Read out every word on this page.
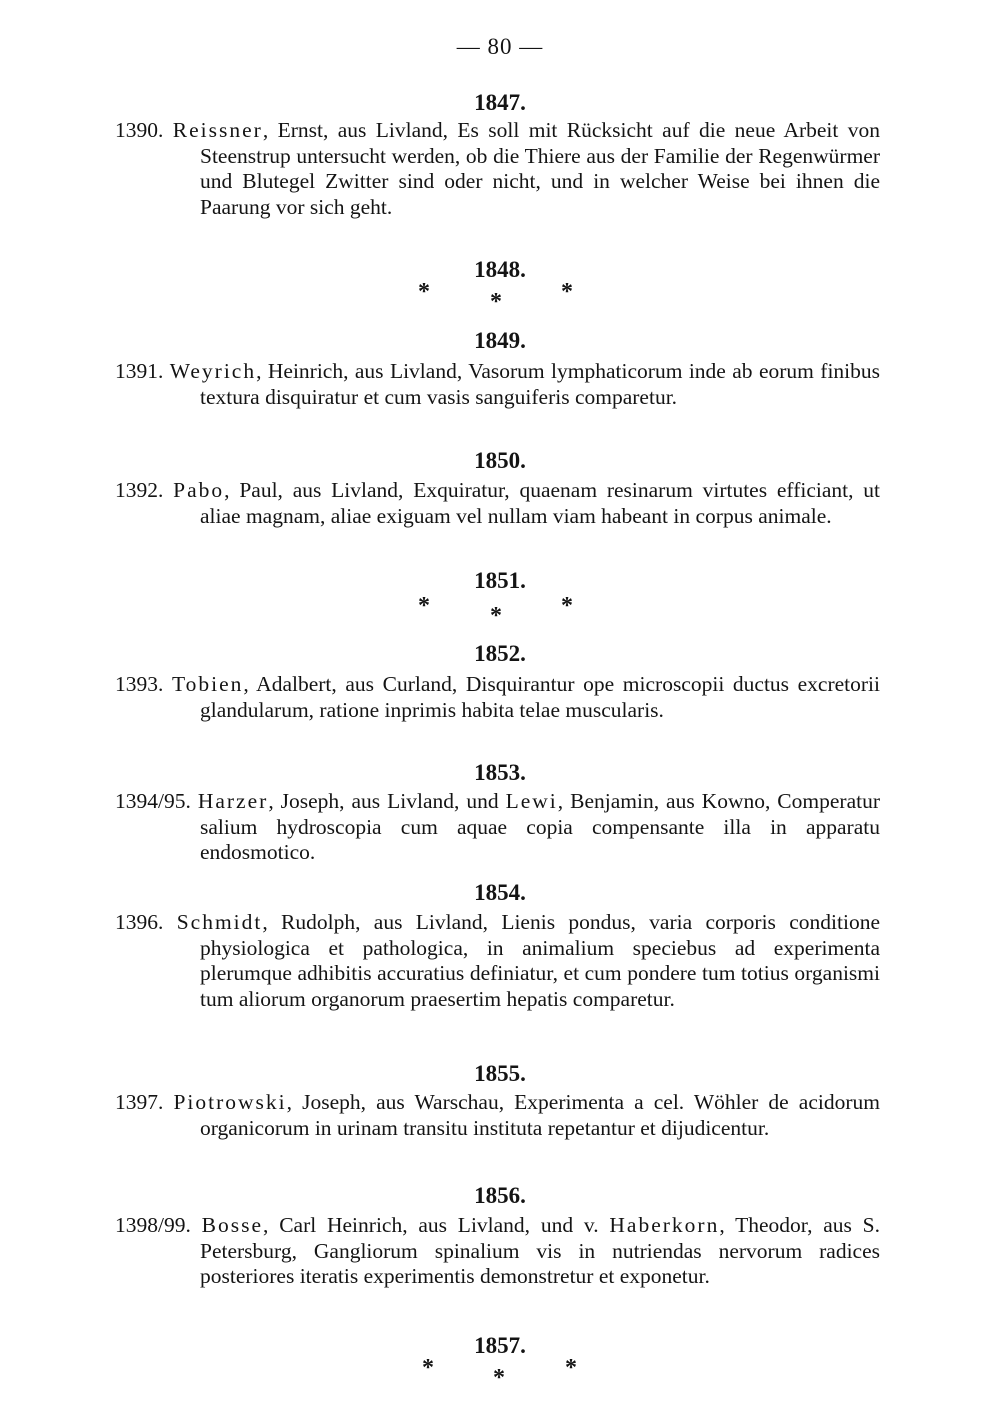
— 80 —
1847.

1390. Reissner, Ernst, aus Livland, Es soll mit Rücksicht auf die neue Arbeit von Steenstrup untersucht werden, ob die Thiere aus der Familie der Regenwürmer und Blutegel Zwitter sind oder nicht, und in welcher Weise bei ihnen die Paarung vor sich geht.

1848.
*	* *
1849.

1391. Weyrich, Heinrich, aus Livland, Vasorum lymphaticorum inde ab eorum finibus textura disquiratur et cum vasis sanguiferis comparetur.

1850.

1392. Pabo, Paul, aus Livland, Exquiratur, quaenam resinarum virtutes efficiant, ut aliae magnam, aliae exiguam vel nullam viam habeant in corpus animale.

1851.
*	* *
1852.

1393. Tobien, Adalbert, aus Curland, Disquirantur ope microscopii ductus excretorii glandularum, ratione inprimis habita telae muscularis.

1853.

1394/95. Harzer, Joseph, aus Livland, und Lewi, Benjamin, aus Kowno, Comperatur salium hydroscopia cum aquae copia compensante illa in apparatu endosmotico.

1854.

1396. Schmidt, Rudolph, aus Livland, Lienis pondus, varia corporis conditione physiologica et pathologica, in animalium speciebus ad experimenta plerumque adhibitis accuratius definiatur, et cum pondere tum totius organismi tum aliorum organorum praesertim hepatis comparetur.

1855.

1397. Piotrowski, Joseph, aus Warschau, Experimenta a cel. Wöhler de acidorum organicorum in urinam transitu instituta repetantur et dijudicentur.

1856.

1398/99. Bosse, Carl Heinrich, aus Livland, und v. Haberkorn, Theodor, aus S. Petersburg, Gangliorum spinalium vis in nutriendas nervorum radices posteriores iteratis experimentis demonstretur et exponetur.

1857.
* *	*
